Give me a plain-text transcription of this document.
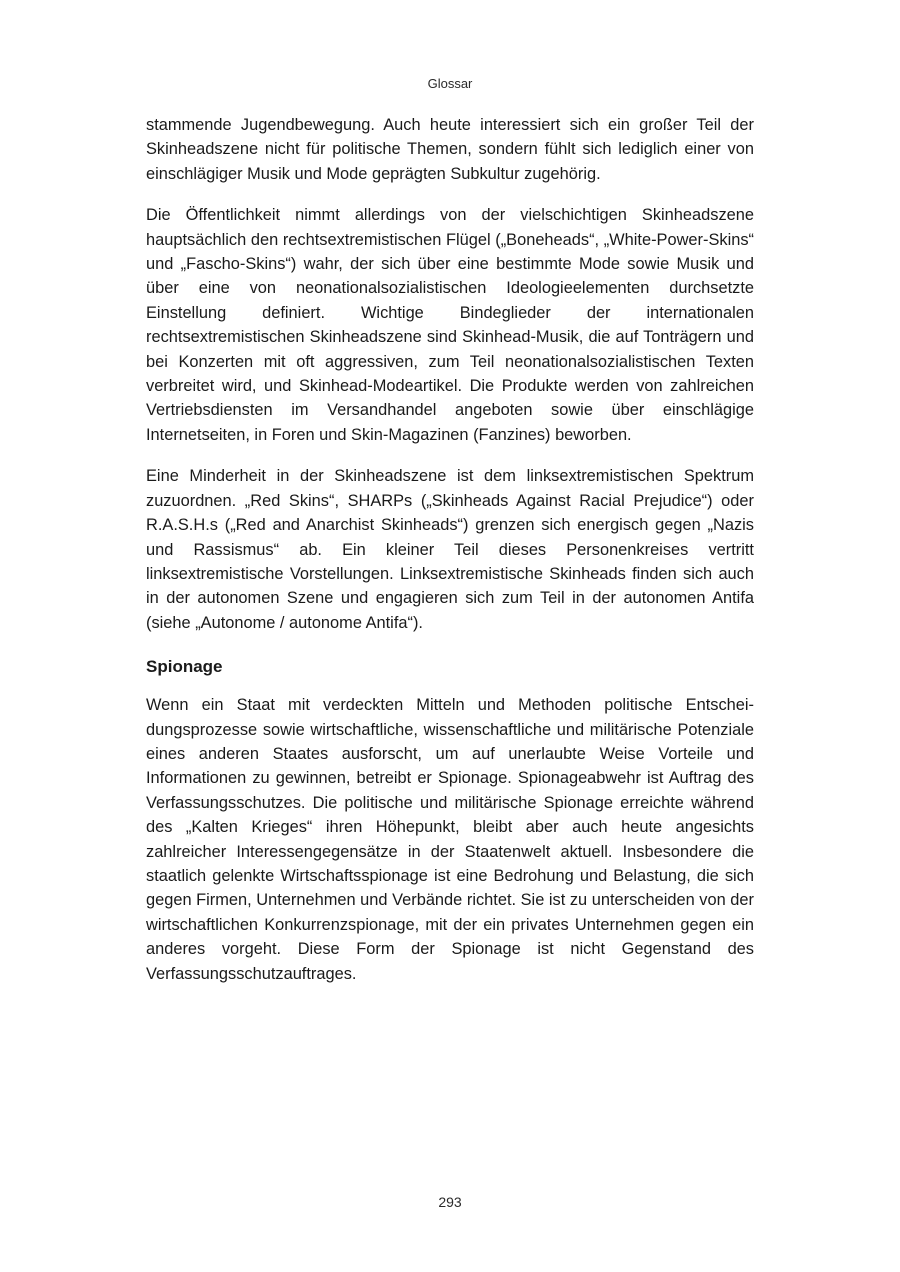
Glossar

stammende Jugendbewegung. Auch heute interessiert sich ein großer Teil der Skinheadszene nicht für politische Themen, sondern fühlt sich lediglich einer von einschlägiger Musik und Mode geprägten Subkultur zugehörig.

Die Öffentlichkeit nimmt allerdings von der vielschichtigen Skinheadszene hauptsächlich den rechtsextremistischen Flügel („Boneheads“, „White-Power-Skins“ und „Fascho-Skins“) wahr, der sich über eine bestimmte Mode sowie Musik und über eine von neonationalsozialistischen Ideologieelementen durchsetzte Einstellung definiert. Wichtige Bindeglieder der internationalen rechtsextremistischen Skinheadszene sind Skinhead-Musik, die auf Tonträgern und bei Konzerten mit oft aggressiven, zum Teil neonationalsozialistischen Texten verbreitet wird, und Skinhead-Modeartikel. Die Produkte werden von zahlreichen Vertriebsdiensten im Versandhandel angeboten sowie über einschlägige Internetseiten, in Foren und Skin-Magazinen (Fanzines) beworben.

Eine Minderheit in der Skinheadszene ist dem linksextremistischen Spektrum zuzuordnen. „Red Skins“, SHARPs („Skinheads Against Racial Prejudice“) oder R.A.S.H.s („Red and Anarchist Skinheads“) grenzen sich energisch gegen „Nazis und Rassismus“ ab. Ein kleiner Teil dieses Personenkreises vertritt linksextremistische Vorstellungen. Linksextremistische Skinheads finden sich auch in der autonomen Szene und engagieren sich zum Teil in der autonomen Antifa (siehe „Autonome / autonome Antifa“).

Spionage

Wenn ein Staat mit verdeckten Mitteln und Methoden politische Entscheidungsprozesse sowie wirtschaftliche, wissenschaftliche und militärische Potenziale eines anderen Staates ausforscht, um auf unerlaubte Weise Vorteile und Informationen zu gewinnen, betreibt er Spionage. Spionageabwehr ist Auftrag des Verfassungsschutzes. Die politische und militärische Spionage erreichte während des „Kalten Krieges“ ihren Höhepunkt, bleibt aber auch heute angesichts zahlreicher Interessengegensätze in der Staatenwelt aktuell. Insbesondere die staatlich gelenkte Wirtschaftsspionage ist eine Bedrohung und Belastung, die sich gegen Firmen, Unternehmen und Verbände richtet. Sie ist zu unterscheiden von der wirtschaftlichen Konkurrenzspionage, mit der ein privates Unternehmen gegen ein anderes vorgeht. Diese Form der Spionage ist nicht Gegenstand des Verfassungsschutzauftrages.

293
